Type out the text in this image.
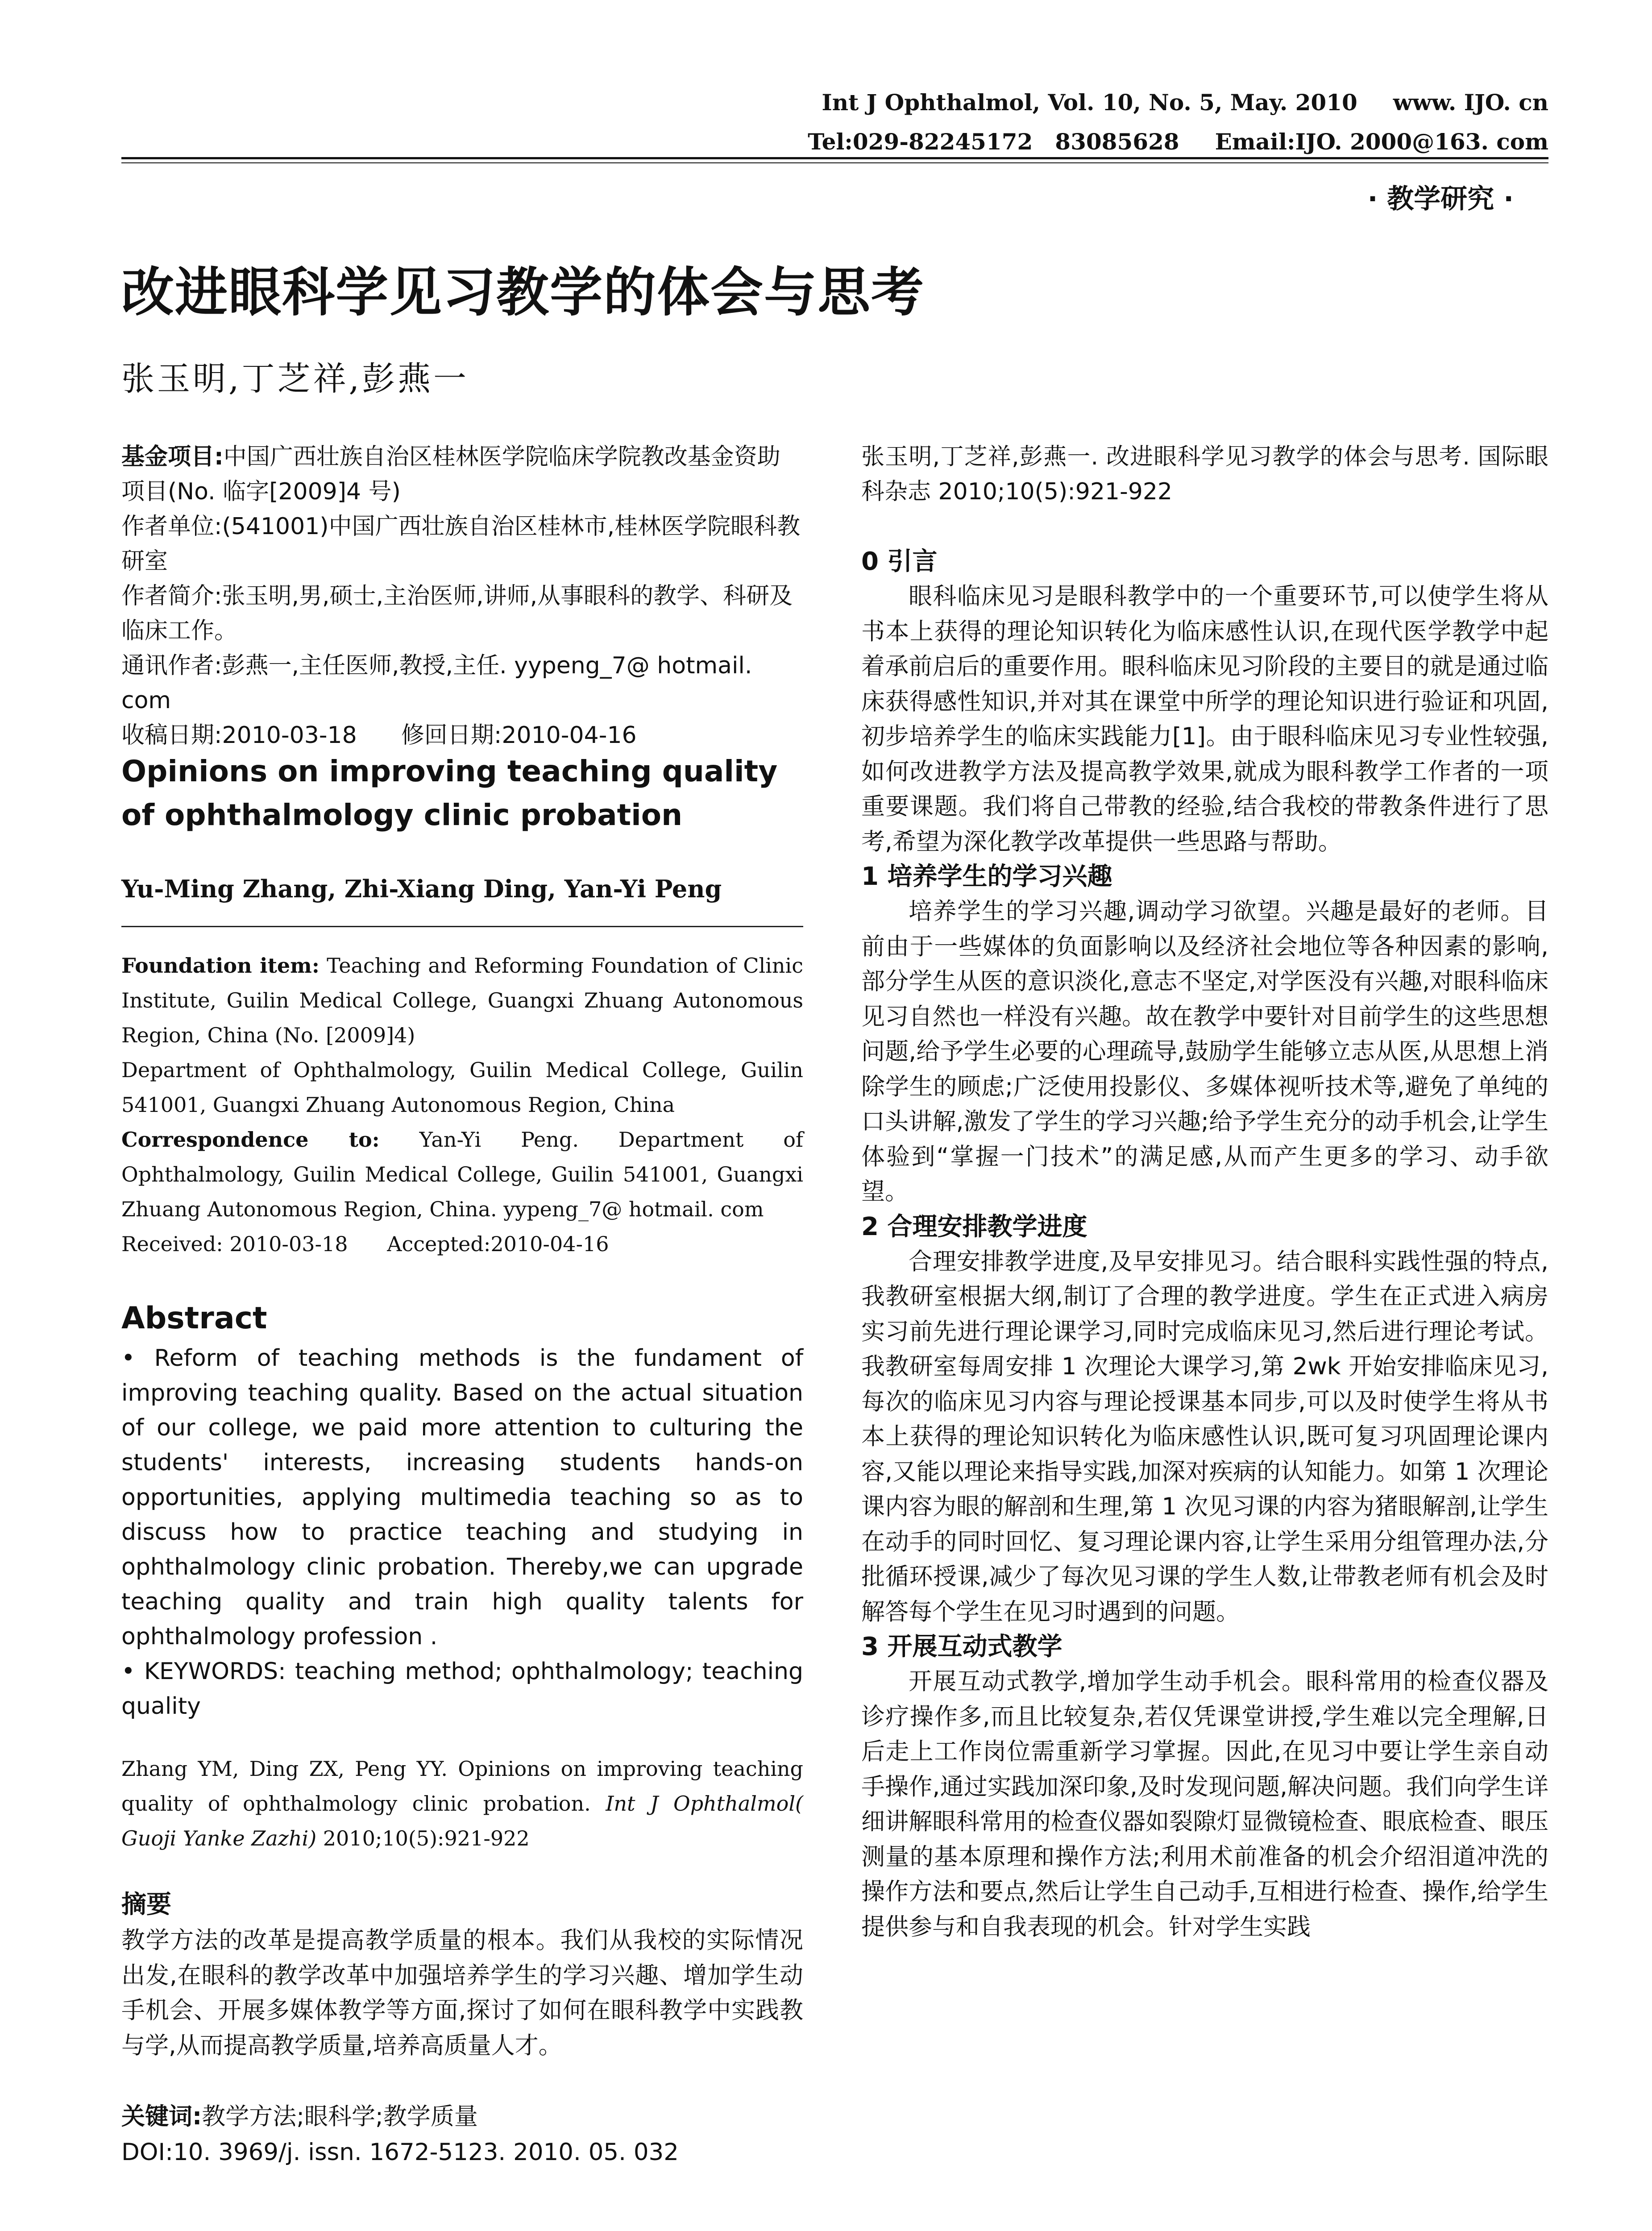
Int J Ophthalmol, Vol. 10, No. 5, May. 2010 www. IJO. cn
Tel:029-82245172 83085628 Email:IJO. 2000@163. com
· 教学研究 ·
改进眼科学见习教学的体会与思考
张玉明,丁芝祥,彭燕一

基金项目:中国广西壮族自治区桂林医学院临床学院教改基金资助项目(No. 临字[2009]4 号)

作者单位:(541001)中国广西壮族自治区桂林市,桂林医学院眼科教研室

作者简介:张玉明,男,硕士,主治医师,讲师,从事眼科的教学、科研及临床工作。

通讯作者:彭燕一,主任医师,教授,主任. yypeng_7@ hotmail. com

收稿日期:2010-03-18      修回日期:2010-04-16

Opinions on improving teaching quality of ophthalmology clinic probation
Yu-Ming Zhang, Zhi-Xiang Ding, Yan-Yi Peng

Foundation item: Teaching and Reforming Foundation of Clinic Institute, Guilin Medical College, Guangxi Zhuang Autonomous Region, China (No. [2009]4)

Department of Ophthalmology, Guilin Medical College, Guilin 541001, Guangxi Zhuang Autonomous Region, China

Correspondence to: Yan-Yi Peng. Department of Ophthalmology, Guilin Medical College, Guilin 541001, Guangxi Zhuang Autonomous Region, China. yypeng_7@ hotmail. com

Received: 2010-03-18      Accepted:2010-04-16

Abstract

• Reform of teaching methods is the fundament of improving teaching quality. Based on the actual situation of our college, we paid more attention to culturing the students' interests, increasing students hands-on opportunities, applying multimedia teaching so as to discuss how to practice teaching and studying in ophthalmology clinic probation. Thereby,we can upgrade teaching quality and train high quality talents for ophthalmology profession .

• KEYWORDS: teaching method; ophthalmology; teaching quality

Zhang YM, Ding ZX, Peng YY. Opinions on improving teaching quality of ophthalmology clinic probation. Int J Ophthalmol( Guoji Yanke Zazhi) 2010;10(5):921-922
摘要
教学方法的改革是提高教学质量的根本。我们从我校的实际情况出发,在眼科的教学改革中加强培养学生的学习兴趣、增加学生动手机会、开展多媒体教学等方面,探讨了如何在眼科教学中实践教与学,从而提高教学质量,培养高质量人才。
关键词:教学方法;眼科学;教学质量
DOI:10. 3969/j. issn. 1672-5123. 2010. 05. 032
张玉明,丁芝祥,彭燕一. 改进眼科学见习教学的体会与思考. 国际眼科杂志 2010;10(5):921-922
0 引言

眼科临床见习是眼科教学中的一个重要环节,可以使学生将从书本上获得的理论知识转化为临床感性认识,在现代医学教学中起着承前启后的重要作用。眼科临床见习阶段的主要目的就是通过临床获得感性知识,并对其在课堂中所学的理论知识进行验证和巩固,初步培养学生的临床实践能力[1]。由于眼科临床见习专业性较强,如何改进教学方法及提高教学效果,就成为眼科教学工作者的一项重要课题。我们将自己带教的经验,结合我校的带教条件进行了思考,希望为深化教学改革提供一些思路与帮助。

1 培养学生的学习兴趣

培养学生的学习兴趣,调动学习欲望。兴趣是最好的老师。目前由于一些媒体的负面影响以及经济社会地位等各种因素的影响,部分学生从医的意识淡化,意志不坚定,对学医没有兴趣,对眼科临床见习自然也一样没有兴趣。故在教学中要针对目前学生的这些思想问题,给予学生必要的心理疏导,鼓励学生能够立志从医,从思想上消除学生的顾虑;广泛使用投影仪、多媒体视听技术等,避免了单纯的口头讲解,激发了学生的学习兴趣;给予学生充分的动手机会,让学生体验到“掌握一门技术”的满足感,从而产生更多的学习、动手欲望。

2 合理安排教学进度

合理安排教学进度,及早安排见习。结合眼科实践性强的特点,我教研室根据大纲,制订了合理的教学进度。学生在正式进入病房实习前先进行理论课学习,同时完成临床见习,然后进行理论考试。我教研室每周安排 1 次理论大课学习,第 2wk 开始安排临床见习,每次的临床见习内容与理论授课基本同步,可以及时使学生将从书本上获得的理论知识转化为临床感性认识,既可复习巩固理论课内容,又能以理论来指导实践,加深对疾病的认知能力。如第 1 次理论课内容为眼的解剖和生理,第 1 次见习课的内容为猪眼解剖,让学生在动手的同时回忆、复习理论课内容,让学生采用分组管理办法,分批循环授课,减少了每次见习课的学生人数,让带教老师有机会及时解答每个学生在见习时遇到的问题。

3 开展互动式教学

开展互动式教学,增加学生动手机会。眼科常用的检查仪器及诊疗操作多,而且比较复杂,若仅凭课堂讲授,学生难以完全理解,日后走上工作岗位需重新学习掌握。因此,在见习中要让学生亲自动手操作,通过实践加深印象,及时发现问题,解决问题。我们向学生详细讲解眼科常用的检查仪器如裂隙灯显微镜检查、眼底检查、眼压测量的基本原理和操作方法;利用术前准备的机会介绍泪道冲洗的操作方法和要点,然后让学生自己动手,互相进行检查、操作,给学生提供参与和自我表现的机会。针对学生实践
